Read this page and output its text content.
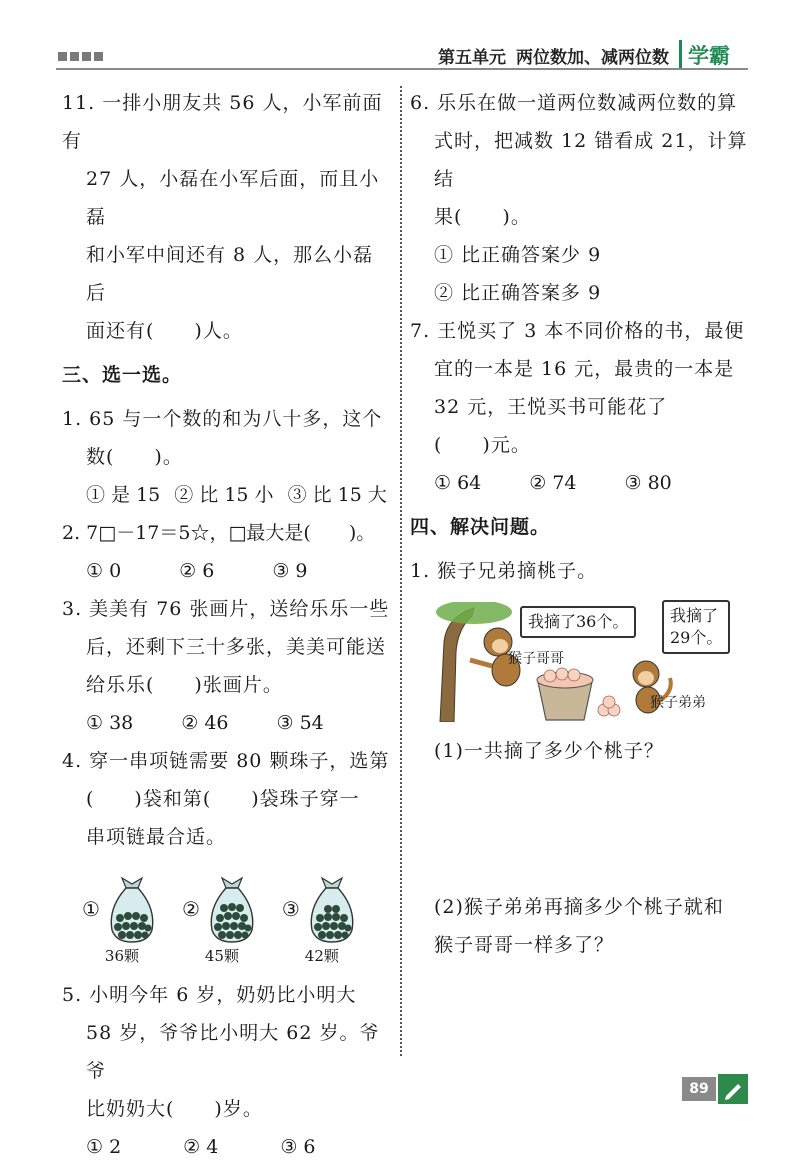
第五单元 两位数加、减两位数 学霸

11. 一排小朋友共 56 人，小军前面有

27 人，小磊在小军后面，而且小磊

和小军中间还有 8 人，那么小磊后

面还有(　　)人。

三、选一选。

1. 65 与一个数的和为八十多，这个

数(　　)。

① 是 15 ② 比 15 小 ③ 比 15 大

2. 7□－17＝5☆，□最大是(　　)。

① 0	② 6	③ 9

3. 美美有 76 张画片，送给乐乐一些

后，还剩下三十多张，美美可能送

给乐乐(　　)张画片。

① 38	② 46	③ 54

4. 穿一串项链需要 80 颗珠子，选第

(　　)袋和第(　　)袋珠子穿一

串项链最合适。

①
36颗
②
45颗
③
42颗

5. 小明今年 6 岁，奶奶比小明大

58 岁，爷爷比小明大 62 岁。爷爷

比奶奶大(　　)岁。

① 2	② 4	③ 6

6. 乐乐在做一道两位数减两位数的算

式时，把减数 12 错看成 21，计算结

果(　　)。

① 比正确答案少 9

② 比正确答案多 9

7. 王悦买了 3 本不同价格的书，最便

宜的一本是 16 元，最贵的一本是

32 元，王悦买书可能花了

(　　)元。

① 64	② 74	③ 80

四、解决问题。

1. 猴子兄弟摘桃子。

我摘了36个。	我摘了
29个。
猴子哥哥
猴子弟弟

(1)一共摘了多少个桃子？

(2)猴子弟弟再摘多少个桃子就和

猴子哥哥一样多了？

89
